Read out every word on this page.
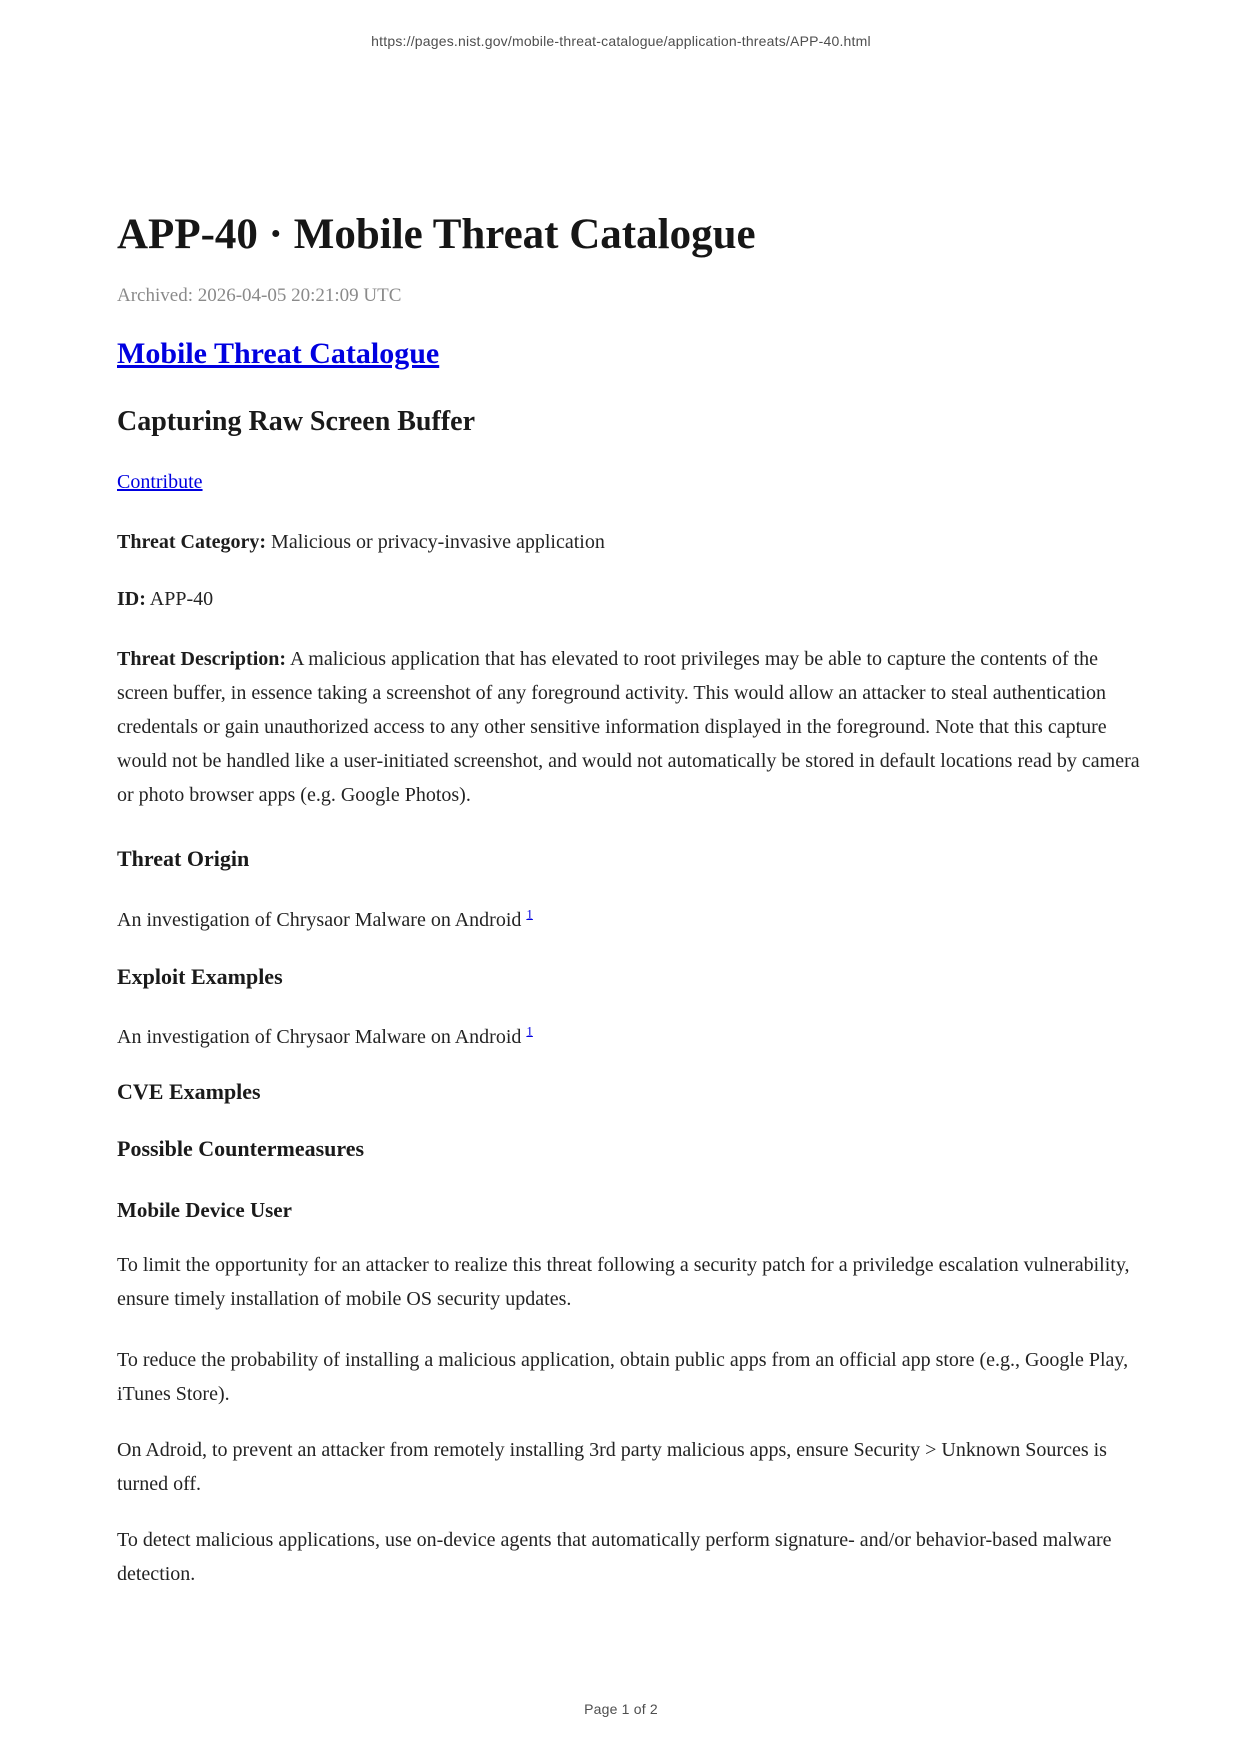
https://pages.nist.gov/mobile-threat-catalogue/application-threats/APP-40.html
APP-40 · Mobile Threat Catalogue

Archived: 2026-04-05 20:21:09 UTC

Mobile Threat Catalogue
Capturing Raw Screen Buffer

Contribute

Threat Category: Malicious or privacy-invasive application

ID: APP-40

Threat Description: A malicious application that has elevated to root privileges may be able to capture the contents of the screen buffer, in essence taking a screenshot of any foreground activity. This would allow an attacker to steal authentication credentals or gain unauthorized access to any other sensitive information displayed in the foreground. Note that this capture would not be handled like a user-initiated screenshot, and would not automatically be stored in default locations read by camera or photo browser apps (e.g. Google Photos).

Threat Origin

An investigation of Chrysaor Malware on Android $^1$

Exploit Examples

An investigation of Chrysaor Malware on Android $^1$

CVE Examples
Possible Countermeasures
Mobile Device User

To limit the opportunity for an attacker to realize this threat following a security patch for a priviledge escalation vulnerability, ensure timely installation of mobile OS security updates.

To reduce the probability of installing a malicious application, obtain public apps from an official app store (e.g., Google Play, iTunes Store).

On Adroid, to prevent an attacker from remotely installing 3rd party malicious apps, ensure Security > Unknown Sources is turned off.

To detect malicious applications, use on-device agents that automatically perform signature- and/or behavior-based malware detection.

Page 1 of 2
